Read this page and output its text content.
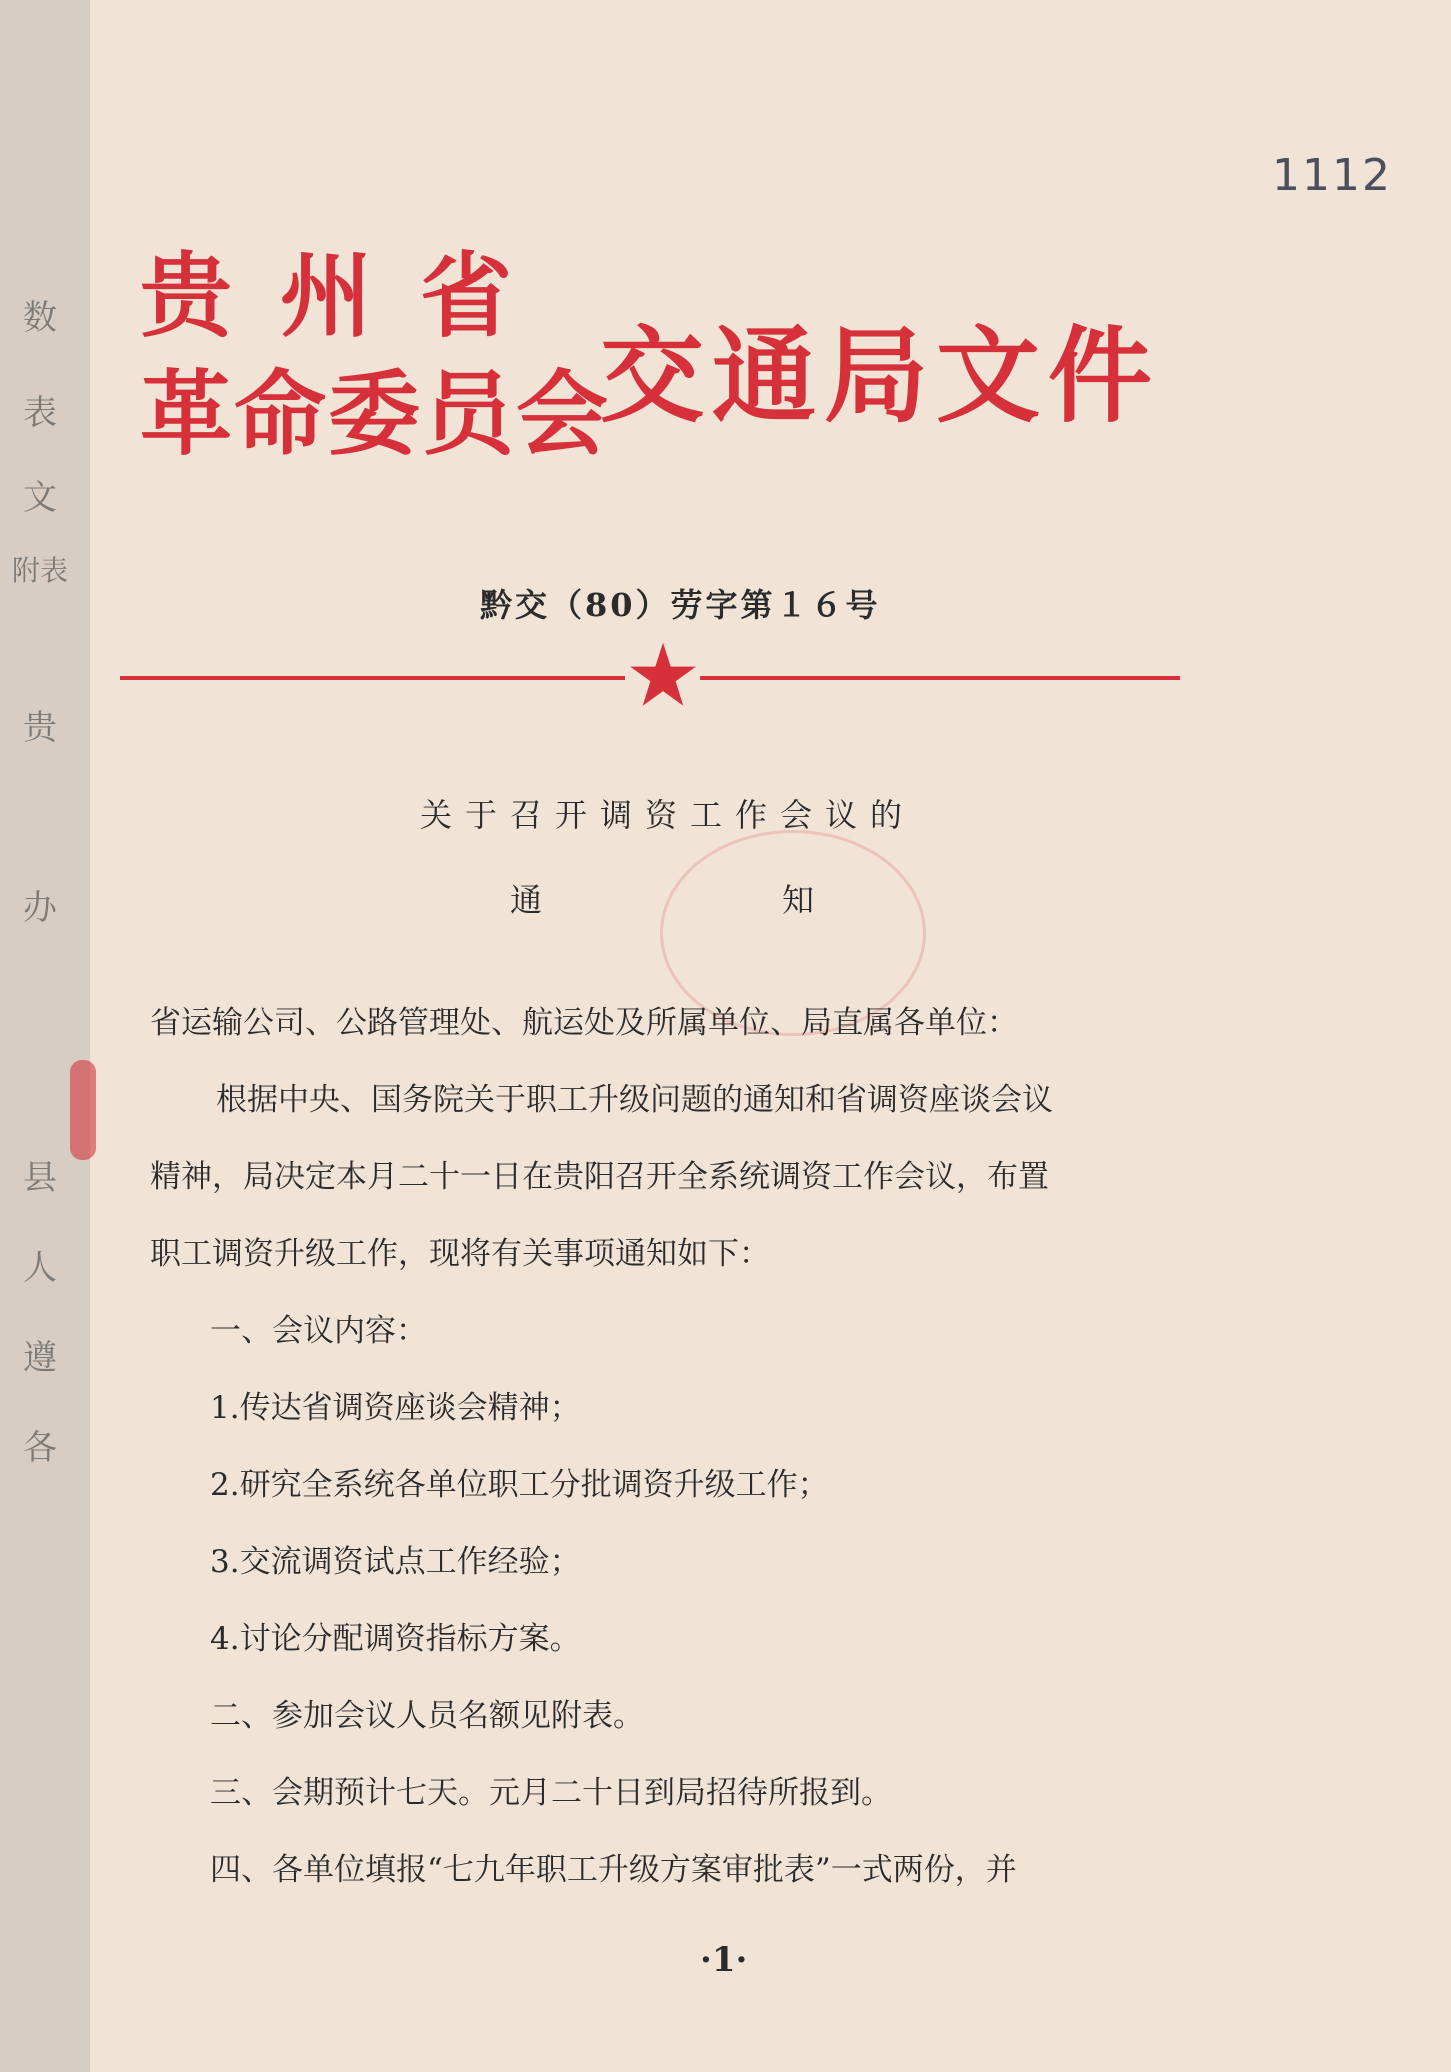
数
表
文
附表
贵
办
县
人
遵
各
1112
贵州省
革命委员会
交通局文件
黔交（80）劳字第１６号
关于召开调资工作会议的
通知

省运输公司、公路管理处、航运处及所属单位、局直属各单位：

根据中央、国务院关于职工升级问题的通知和省调资座谈会议

精神，局决定本月二十一日在贵阳召开全系统调资工作会议，布置

职工调资升级工作，现将有关事项通知如下：

一、会议内容：

1.传达省调资座谈会精神；

2.研究全系统各单位职工分批调资升级工作；

3.交流调资试点工作经验；

4.讨论分配调资指标方案。

二、参加会议人员名额见附表。

三、会期预计七天。元月二十日到局招待所报到。

四、各单位填报“七九年职工升级方案审批表”一式两份，并

·1·
